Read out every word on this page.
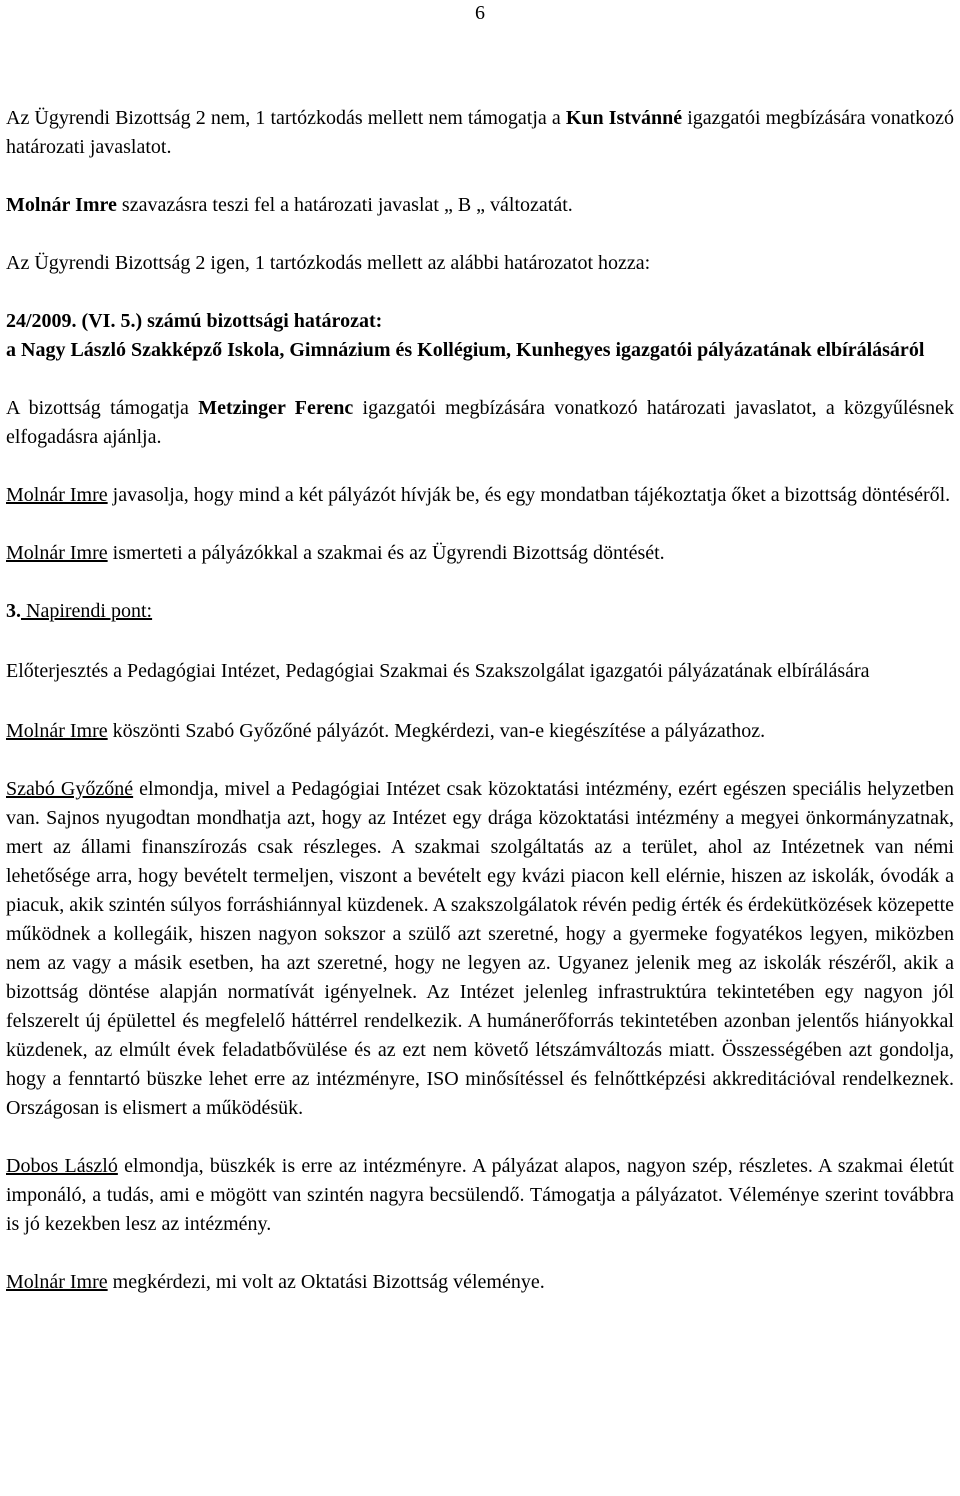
6

Az Ügyrendi Bizottság 2 nem, 1 tartózkodás mellett nem támogatja a Kun Istvánné igazgatói megbízására vonatkozó határozati javaslatot.

Molnár Imre szavazásra teszi fel a határozati javaslat „ B „ változatát.

Az Ügyrendi Bizottság 2 igen, 1 tartózkodás mellett az alábbi határozatot hozza:

24/2009. (VI. 5.) számú bizottsági határozat:

a Nagy László Szakképző Iskola, Gimnázium és Kollégium, Kunhegyes igazgatói pályázatának elbírálásáról

A bizottság támogatja Metzinger Ferenc igazgatói megbízására vonatkozó határozati javaslatot, a közgyűlésnek elfogadásra ajánlja.

Molnár Imre javasolja, hogy mind a két pályázót hívják be, és egy mondatban tájékoztatja őket a bizottság döntéséről.

Molnár Imre ismerteti a pályázókkal a szakmai és az Ügyrendi Bizottság döntését.

3. Napirendi pont:

Előterjesztés a Pedagógiai Intézet, Pedagógiai Szakmai és Szakszolgálat igazgatói pályázatának elbírálására

Molnár Imre köszönti Szabó Győzőné pályázót. Megkérdezi, van-e kiegészítése a pályázathoz.

Szabó Győzőné elmondja, mivel a Pedagógiai Intézet csak közoktatási intézmény, ezért egészen speciális helyzetben van. Sajnos nyugodtan mondhatja azt, hogy az Intézet egy drága közoktatási intézmény a megyei önkormányzatnak, mert az állami finanszírozás csak részleges. A szakmai szolgáltatás az a terület, ahol az Intézetnek van némi lehetősége arra, hogy bevételt termeljen, viszont a bevételt egy kvázi piacon kell elérnie, hiszen az iskolák, óvodák a piacuk, akik szintén súlyos forráshiánnyal küzdenek. A szakszolgálatok révén pedig érték és érdekütközések közepette működnek a kollegáik, hiszen nagyon sokszor a szülő azt szeretné, hogy a gyermeke fogyatékos legyen, miközben nem az vagy a másik esetben, ha azt szeretné, hogy ne legyen az. Ugyanez jelenik meg az iskolák részéről, akik a bizottság döntése alapján normatívát igényelnek. Az Intézet jelenleg infrastruktúra tekintetében egy nagyon jól felszerelt új épülettel és megfelelő háttérrel rendelkezik. A humánerőforrás tekintetében azonban jelentős hiányokkal küzdenek, az elmúlt évek feladatbővülése és az ezt nem követő létszámváltozás miatt. Összességében azt gondolja, hogy a fenntartó büszke lehet erre az intézményre, ISO minősítéssel és felnőttképzési akkreditációval rendelkeznek. Országosan is elismert a működésük.

Dobos László elmondja, büszkék is erre az intézményre. A pályázat alapos, nagyon szép, részletes. A szakmai életút imponáló, a tudás, ami e mögött van szintén nagyra becsülendő. Támogatja a pályázatot. Véleménye szerint továbbra is jó kezekben lesz az intézmény.

Molnár Imre megkérdezi, mi volt az Oktatási Bizottság véleménye.
